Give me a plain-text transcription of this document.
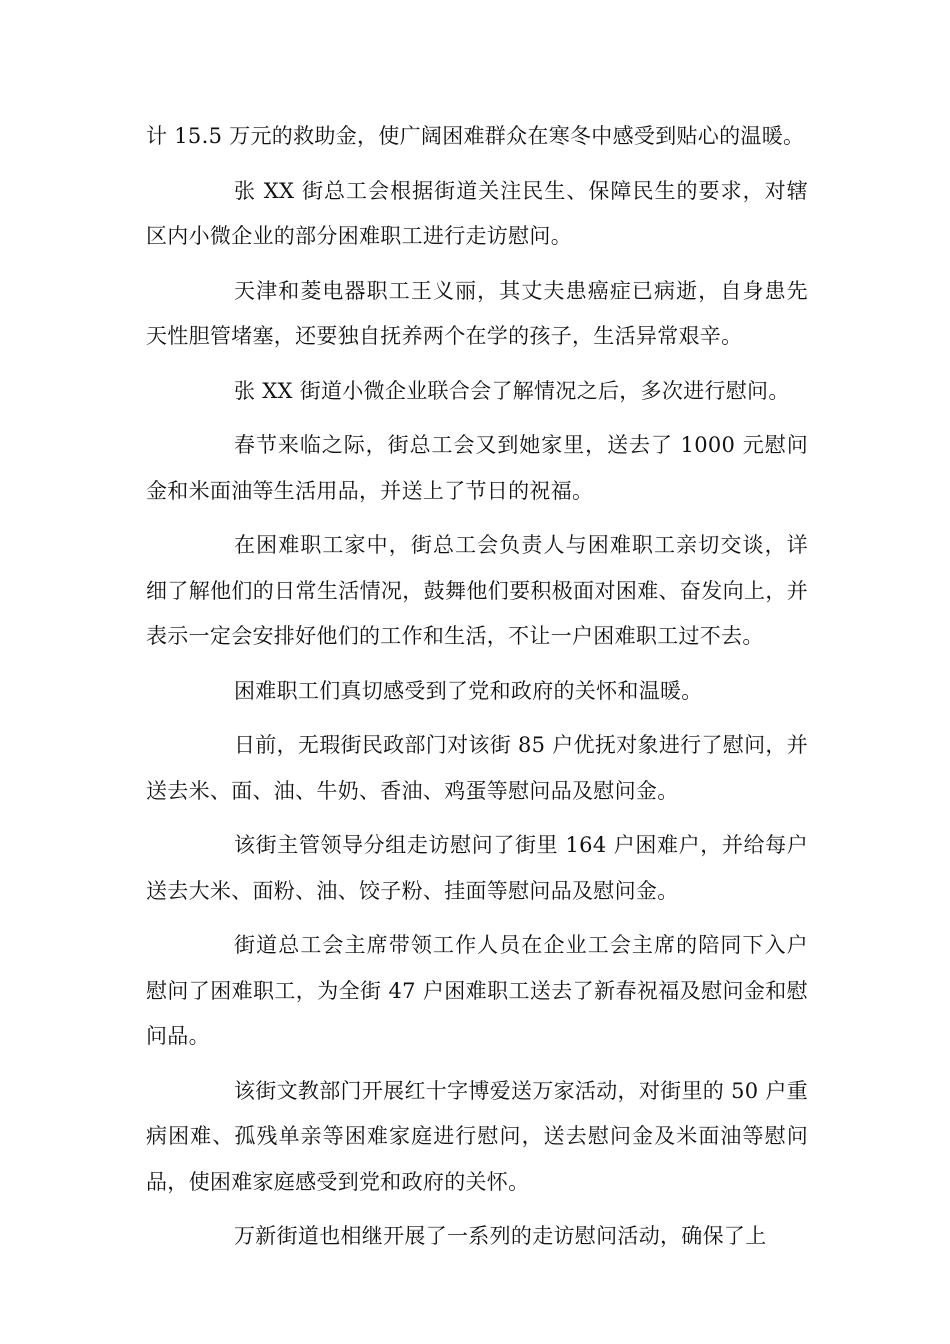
计 15.5 万元的救助金，使广阔困难群众在寒冬中感受到贴心的温暖。

张 XX 街总工会根据街道关注民生、保障民生的要求，对辖区内小微企业的部分困难职工进行走访慰问。

天津和菱电器职工王义丽，其丈夫患癌症已病逝，自身患先天性胆管堵塞，还要独自抚养两个在学的孩子，生活异常艰辛。

张 XX 街道小微企业联合会了解情况之后，多次进行慰问。

春节来临之际，街总工会又到她家里，送去了 1000 元慰问金和米面油等生活用品，并送上了节日的祝福。

在困难职工家中，街总工会负责人与困难职工亲切交谈，详细了解他们的日常生活情况，鼓舞他们要积极面对困难、奋发向上，并表示一定会安排好他们的工作和生活，不让一户困难职工过不去。

困难职工们真切感受到了党和政府的关怀和温暖。

日前，无瑕街民政部门对该街 85 户优抚对象进行了慰问，并送去米、面、油、牛奶、香油、鸡蛋等慰问品及慰问金。

该街主管领导分组走访慰问了街里 164 户困难户，并给每户送去大米、面粉、油、饺子粉、挂面等慰问品及慰问金。

街道总工会主席带领工作人员在企业工会主席的陪同下入户慰问了困难职工，为全街 47 户困难职工送去了新春祝福及慰问金和慰问品。

该街文教部门开展红十字博爱送万家活动，对街里的 50 户重病困难、孤残单亲等困难家庭进行慰问，送去慰问金及米面油等慰问品，使困难家庭感受到党和政府的关怀。

万新街道也相继开展了一系列的走访慰问活动，确保了上
